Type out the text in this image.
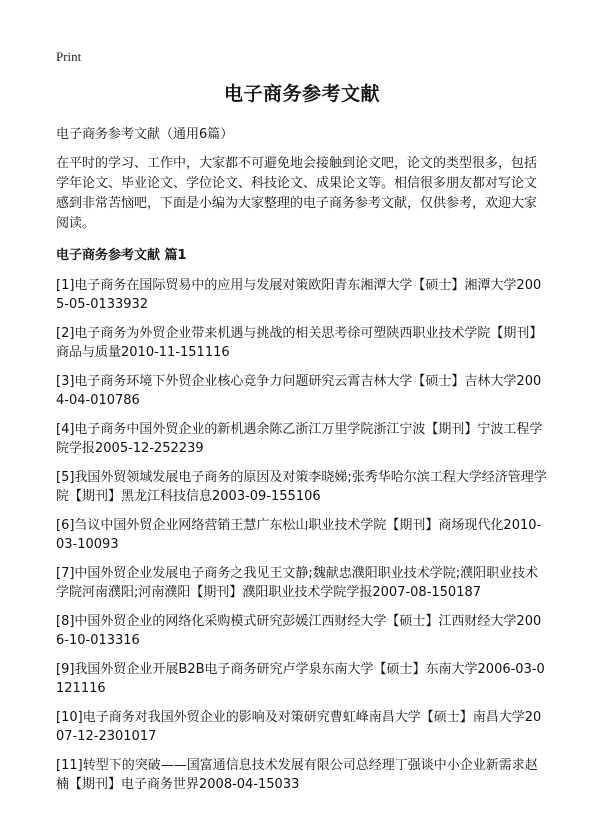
Print
电子商务参考文献

电子商务参考文献（通用6篇）

在平时的学习、工作中，大家都不可避免地会接触到论文吧，论文的类型很多，包括学年论文、毕业论文、学位论文、科技论文、成果论文等。相信很多朋友都对写论文感到非常苦恼吧，下面是小编为大家整理的电子商务参考文献，仅供参考，欢迎大家阅读。

电子商务参考文献 篇1
[1]电子商务在国际贸易中的应用与发展对策欧阳青东湘潭大学【硕士】湘潭大学2005-05-0133932
[2]电子商务为外贸企业带来机遇与挑战的相关思考徐可塑陕西职业技术学院【期刊】商品与质量2010-11-151116
[3]电子商务环境下外贸企业核心竞争力问题研究云霄吉林大学【硕士】吉林大学2004-04-010786
[4]电子商务中国外贸企业的新机遇余陈乙浙江万里学院浙江宁波【期刊】宁波工程学院学报2005-12-252239
[5]我国外贸领域发展电子商务的原因及对策李晓娣;张秀华哈尔滨工程大学经济管理学院【期刊】黑龙江科技信息2003-09-155106
[6]刍议中国外贸企业网络营销王慧广东松山职业技术学院【期刊】商场现代化2010-03-10093
[7]中国外贸企业发展电子商务之我见王文静;魏献忠濮阳职业技术学院;濮阳职业技术学院河南濮阳;河南濮阳【期刊】濮阳职业技术学院学报2007-08-150187
[8]中国外贸企业的网络化采购模式研究彭媛江西财经大学【硕士】江西财经大学2006-10-013316
[9]我国外贸企业开展B2B电子商务研究卢学泉东南大学【硕士】东南大学2006-03-0121116
[10]电子商务对我国外贸企业的影响及对策研究曹虹峰南昌大学【硕士】南昌大学2007-12-2301017
[11]转型下的突破——国富通信息技术发展有限公司总经理丁强谈中小企业新需求赵楠【期刊】电子商务世界2008-04-15033
